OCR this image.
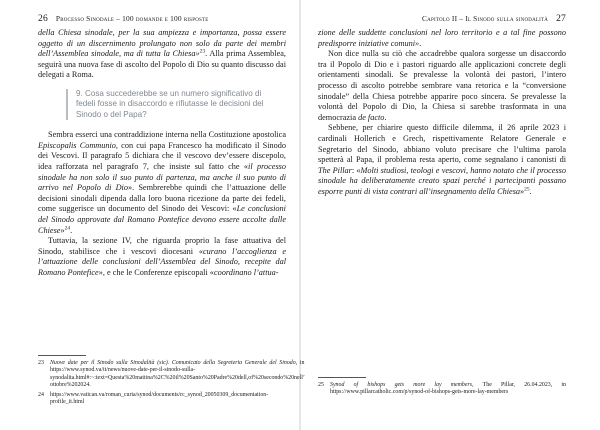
26 Processo Sinodale – 100 domande e 100 risposte

della Chiesa sinodale, per la sua ampiezza e importanza, possa essere oggetto di un discernimento prolungato non solo da parte dei membri dell’Assemblea sinodale, ma di tutta la Chiesa»$^{23}$. Alla prima Assemblea, seguirà una nuova fase di ascolto del Popolo di Dio su quanto discusso dai delegati a Roma.

9. Cosa succederebbe se un numero significativo di fedeli fosse in disaccordo e rifiutasse le decisioni del Sinodo o del Papa?

Sembra esserci una contraddizione interna nella Costituzione apostolica Episcopalis Communio, con cui papa Francesco ha modificato il Sinodo dei Vescovi. Il paragrafo 5 dichiara che il vescovo dev’essere discepolo, idea rafforzata nel paragrafo 7, che insiste sul fatto che «il processo sinodale ha non solo il suo punto di partenza, ma anche il suo punto di arrivo nel Popolo di Dio». Sembrerebbe quindi che l’attuazione delle decisioni sinodali dipenda dalla loro buona ricezione da parte dei fedeli, come suggerisce un documento del Sinodo dei Vescovi: «Le conclusioni del Sinodo approvate dal Romano Pontefice devono essere accolte dalle Chiese»$^{24}$.

Tuttavia, la sezione IV, che riguarda proprio la fase attuativa del Sinodo, stabilisce che i vescovi diocesani «curano l’accoglienza e l’attuazione delle conclusioni dell’Assemblea del Sinodo, recepite dal Romano Pontefice», e che le Conferenze episcopali «coordinano l’attua-

23	Nuove date per il Sinodo sulla Sinodalità (sic). Comunicato della Segreteria Generale del Sinodo, in https://www.synod.va/it/news/nuove-date-per-il-sinodo-sulla-synodalita.html#:~:text=Questa%20mattina%2C%20il%20Santo%20Padre%20dell,of%20secondo%20nell’ ottobre%202024.
24	https://www.vatican.va/roman_curia/synod/documents/rc_synod_20050309_documentation-profile_it.html
Capitolo II – Il Sinodo sulla sinodalità 27

zione delle suddette conclusioni nel loro territorio e a tal fine possono predisporre iniziative comuni».

Non dice nulla su ciò che accadrebbe qualora sorgesse un disaccordo tra il Popolo di Dio e i pastori riguardo alle applicazioni concrete degli orientamenti sinodali. Se prevalesse la volontà dei pastori, l’intero processo di ascolto potrebbe sembrare vana retorica e la “conversione sinodale” della Chiesa potrebbe apparire poco sincera. Se prevalesse la volontà del Popolo di Dio, la Chiesa si sarebbe trasformata in una democrazia de facto.

Sebbene, per chiarire questo difficile dilemma, il 26 aprile 2023 i cardinali Hollerich e Grech, rispettivamente Relatore Generale e Segretario del Sinodo, abbiano voluto precisare che l’ultima parola spetterà al Papa, il problema resta aperto, come segnalano i canonisti di The Pillar: «Molti studiosi, teologi e vescovi, hanno notato che il processo sinodale ha deliberatamente creato spazi perché i partecipanti possano esporre punti di vista contrari all’insegnamento della Chiesa»$^{25}$.

25	Synod of bishops gets more lay members, The Pillar, 26.04.2023, in https://www.pillarcatholic.com/p/synod-of-bishops-gets-more-lay-members
